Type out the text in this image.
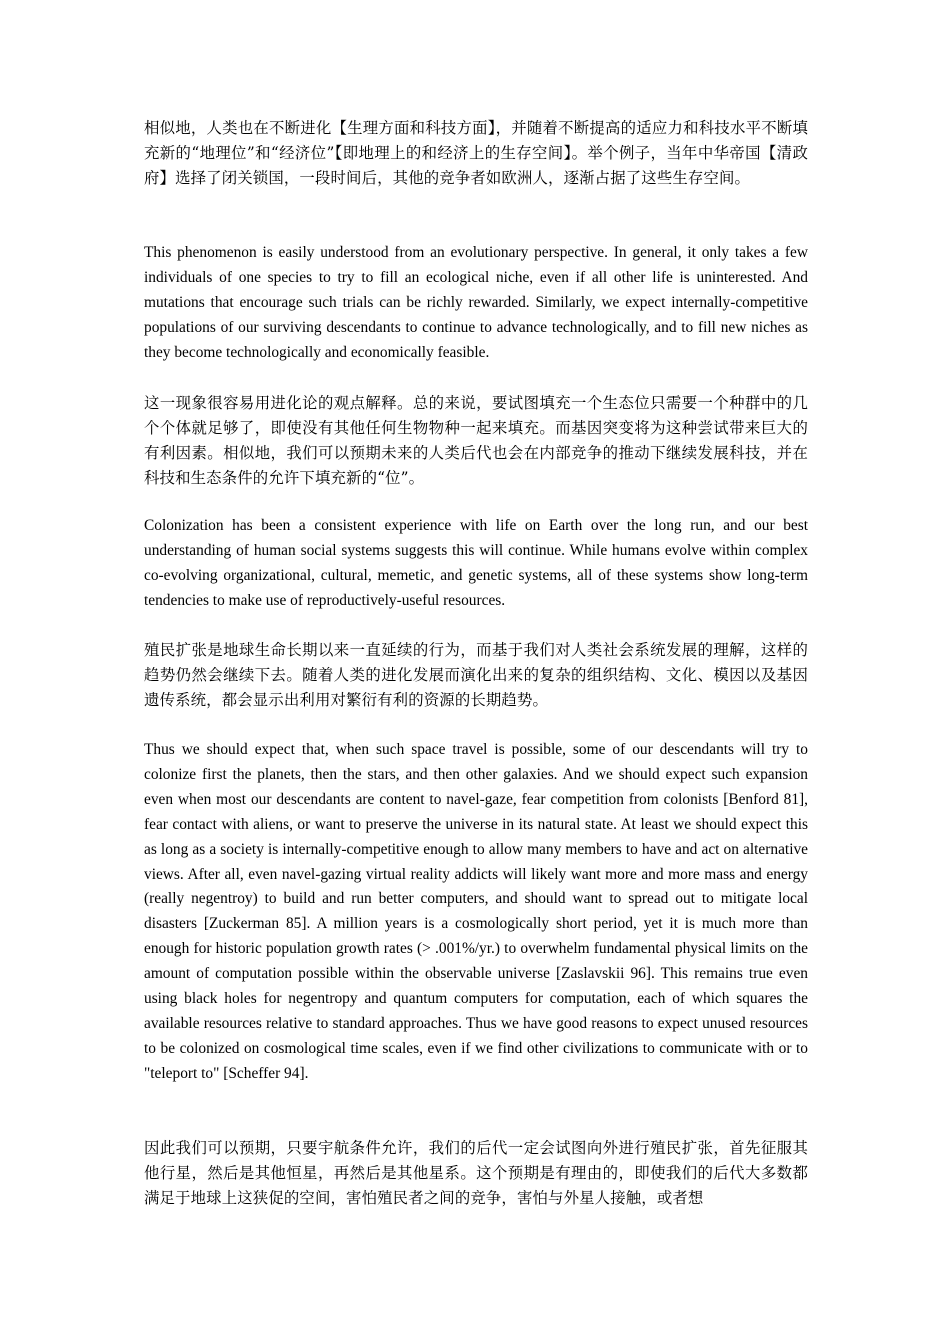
相似地，人类也在不断进化【生理方面和科技方面】，并随着不断提高的适应力和科技水平不断填充新的“地理位”和“经济位”【即地理上的和经济上的生存空间】。举个例子，当年中华帝国【清政府】选择了闭关锁国，一段时间后，其他的竞争者如欧洲人，逐渐占据了这些生存空间。

This phenomenon is easily understood from an evolutionary perspective. In general, it only takes a few individuals of one species to try to fill an ecological niche, even if all other life is uninterested. And mutations that encourage such trials can be richly rewarded. Similarly, we expect internally-competitive populations of our surviving descendants to continue to advance technologically, and to fill new niches as they become technologically and economically feasible.

这一现象很容易用进化论的观点解释。总的来说，要试图填充一个生态位只需要一个种群中的几个个体就足够了，即使没有其他任何生物物种一起来填充。而基因突变将为这种尝试带来巨大的有利因素。相似地，我们可以预期未来的人类后代也会在内部竞争的推动下继续发展科技，并在科技和生态条件的允许下填充新的“位”。

Colonization has been a consistent experience with life on Earth over the long run, and our best understanding of human social systems suggests this will continue. While humans evolve within complex co-evolving organizational, cultural, memetic, and genetic systems, all of these systems show long-term tendencies to make use of reproductively-useful resources.

殖民扩张是地球生命长期以来一直延续的行为，而基于我们对人类社会系统发展的理解，这样的趋势仍然会继续下去。随着人类的进化发展而演化出来的复杂的组织结构、文化、模因以及基因遗传系统，都会显示出利用对繁衍有利的资源的长期趋势。

Thus we should expect that, when such space travel is possible, some of our descendants will try to colonize first the planets, then the stars, and then other galaxies. And we should expect such expansion even when most our descendants are content to navel-gaze, fear competition from colonists [Benford 81], fear contact with aliens, or want to preserve the universe in its natural state. At least we should expect this as long as a society is internally-competitive enough to allow many members to have and act on alternative views. After all, even navel-gazing virtual reality addicts will likely want more and more mass and energy (really negentroy) to build and run better computers, and should want to spread out to mitigate local disasters [Zuckerman 85]. A million years is a cosmologically short period, yet it is much more than enough for historic population growth rates (> .001%/yr.) to overwhelm fundamental physical limits on the amount of computation possible within the observable universe [Zaslavskii 96]. This remains true even using black holes for negentropy and quantum computers for computation, each of which squares the available resources relative to standard approaches. Thus we have good reasons to expect unused resources to be colonized on cosmological time scales, even if we find other civilizations to communicate with or to "teleport to" [Scheffer 94].

因此我们可以预期，只要宇航条件允许，我们的后代一定会试图向外进行殖民扩张，首先征服其他行星，然后是其他恒星，再然后是其他星系。这个预期是有理由的，即使我们的后代大多数都满足于地球上这狭促的空间，害怕殖民者之间的竞争，害怕与外星人接触，或者想
